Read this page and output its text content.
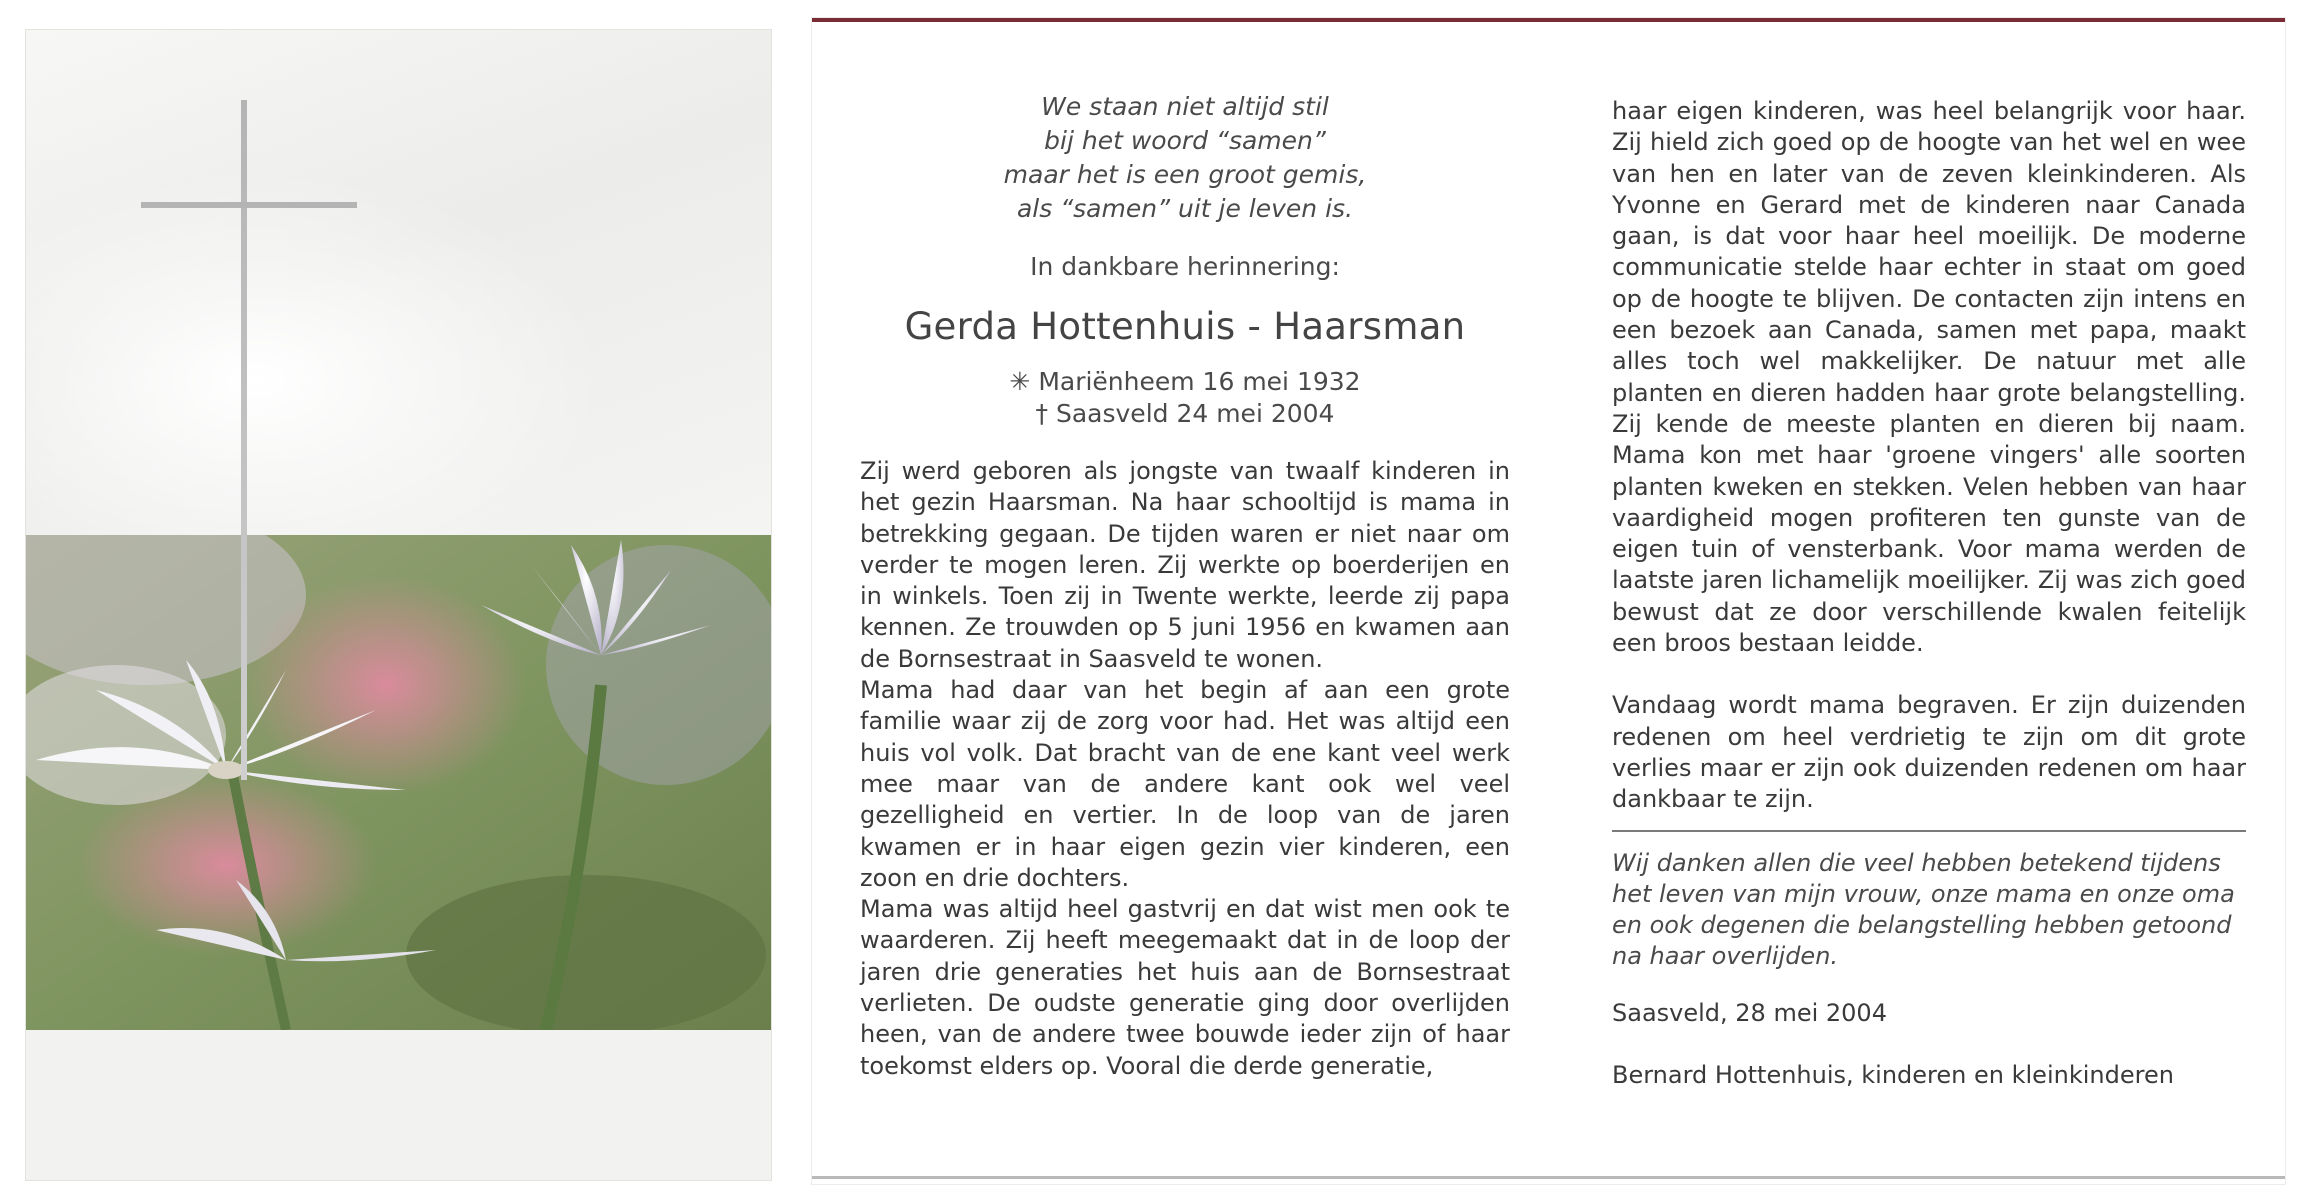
We staan niet altijd stil

bij het woord “samen”

maar het is een groot gemis,

als “samen” uit je leven is.

In dankbare herinnering:
Gerda Hottenhuis - Haarsman
✳ Mariënheem 16 mei 1932
† Saasveld 24 mei 2004

Zij werd geboren als jongste van twaalf kinderen in het gezin Haarsman. Na haar schooltijd is mama in betrekking gegaan. De tijden waren er niet naar om verder te mogen leren. Zij werkte op boerderijen en in winkels. Toen zij in Twente werkte, leerde zij papa kennen. Ze trouwden op 5 juni 1956 en kwamen aan de Bornsestraat in Saasveld te wonen.

Mama had daar van het begin af aan een grote familie waar zij de zorg voor had. Het was altijd een huis vol volk. Dat bracht van de ene kant veel werk mee maar van de andere kant ook wel veel gezelligheid en vertier. In de loop van de jaren kwamen er in haar eigen gezin vier kinderen, een zoon en drie dochters.

Mama was altijd heel gastvrij en dat wist men ook te waarderen. Zij heeft meegemaakt dat in de loop der jaren drie generaties het huis aan de Bornsestraat verlieten. De oudste generatie ging door overlijden heen, van de andere twee bouwde ieder zijn of haar toekomst elders op. Vooral die derde generatie,

haar eigen kinderen, was heel belangrijk voor haar. Zij hield zich goed op de hoogte van het wel en wee van hen en later van de zeven kleinkinderen. Als Yvonne en Gerard met de kinderen naar Canada gaan, is dat voor haar heel moeilijk. De moderne communicatie stelde haar echter in staat om goed op de hoogte te blijven. De contacten zijn intens en een bezoek aan Canada, samen met papa, maakt alles toch wel makkelijker. De natuur met alle planten en dieren hadden haar grote belangstelling. Zij kende de meeste planten en dieren bij naam. Mama kon met haar 'groene vingers' alle soorten planten kweken en stekken. Velen hebben van haar vaardigheid mogen profiteren ten gunste van de eigen tuin of vensterbank. Voor mama werden de laatste jaren lichamelijk moeilijker. Zij was zich goed bewust dat ze door verschillende kwalen feitelijk een broos bestaan leidde.

Vandaag wordt mama begraven. Er zijn duizenden redenen om heel verdrietig te zijn om dit grote verlies maar er zijn ook duizenden redenen om haar dankbaar te zijn.

Wij danken allen die veel hebben betekend tijdens het leven van mijn vrouw, onze mama en onze oma en ook degenen die belangstelling hebben getoond na haar overlijden.

Saasveld, 28 mei 2004
Bernard Hottenhuis, kinderen en kleinkinderen
